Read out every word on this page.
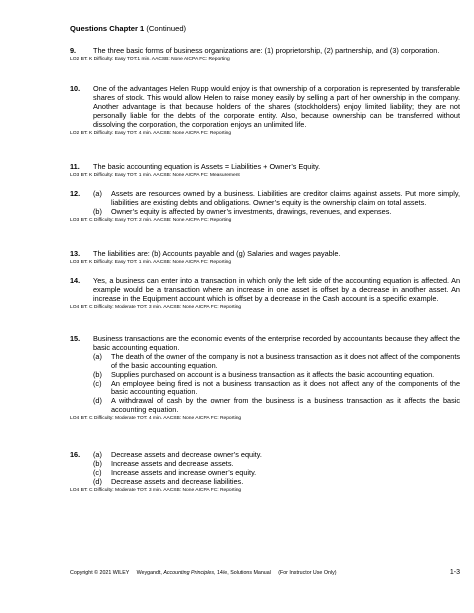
Questions Chapter 1 (Continued)
9. The three basic forms of business organizations are: (1) proprietorship, (2) partnership, and (3) corporation.
LO2 BT: K Difficulty: Easy TOT:1 min. AACSB: None AICPA FC: Reporting
10. One of the advantages Helen Rupp would enjoy is that ownership of a corporation is represented by transferable shares of stock. This would allow Helen to raise money easily by selling a part of her ownership in the company. Another advantage is that because holders of the shares (stockholders) enjoy limited liability; they are not personally liable for the debts of the corporate entity. Also, because ownership can be transferred without dissolving the corporation, the corporation enjoys an unlimited life.
LO2 BT: K Difficulty: Easy TOT: 4 min. AACSB: None AICPA FC: Reporting
11. The basic accounting equation is Assets = Liabilities + Owner’s Equity.
LO3 BT: K Difficulty: Easy TOT: 1 min. AACSB: None AICPA FC: Measurement
12. (a) Assets are resources owned by a business. Liabilities are creditor claims against assets. Put more simply, liabilities are existing debts and obligations. Owner’s equity is the ownership claim on total assets.
(b) Owner’s equity is affected by owner’s investments, drawings, revenues, and expenses.
LO3 BT: C Difficulty: Easy TOT: 2 min. AACSB: None AICPA FC: Reporting
13. The liabilities are: (b) Accounts payable and (g) Salaries and wages payable.
LO3 BT: K Difficulty: Easy TOT: 1 min. AACSB: None AICPA FC: Reporting
14. Yes, a business can enter into a transaction in which only the left side of the accounting equation is affected. An example would be a transaction where an increase in one asset is offset by a decrease in another asset. An increase in the Equipment account which is offset by a decrease in the Cash account is a specific example.
LO4 BT: C Difficulty: Moderate TOT: 3 min. AACSB: None AICPA FC: Reporting
15. Business transactions are the economic events of the enterprise recorded by accountants because they affect the basic accounting equation.
(a) The death of the owner of the company is not a business transaction as it does not affect of the components of the basic accounting equation.
(b) Supplies purchased on account is a business transaction as it affects the basic accounting equation.
(c) An employee being fired is not a business transaction as it does not affect any of the components of the basic accounting equation.
(d) A withdrawal of cash by the owner from the business is a business transaction as it affects the basic accounting equation.
LO4 BT: C Difficulty: Moderate TOT: 4 min. AACSB: None AICPA FC: Reporting
16. (a) Decrease assets and decrease owner’s equity.
(b) Increase assets and decrease assets.
(c) Increase assets and increase owner’s equity.
(d) Decrease assets and decrease liabilities.
LO4 BT: C Difficulty: Moderate TOT: 3 min. AACSB: None AICPA FC: Reporting
Copyright © 2021 WILEY Weygandt, Accounting Principles, 14/e, Solutions Manual (For Instructor Use Only)	1-3
